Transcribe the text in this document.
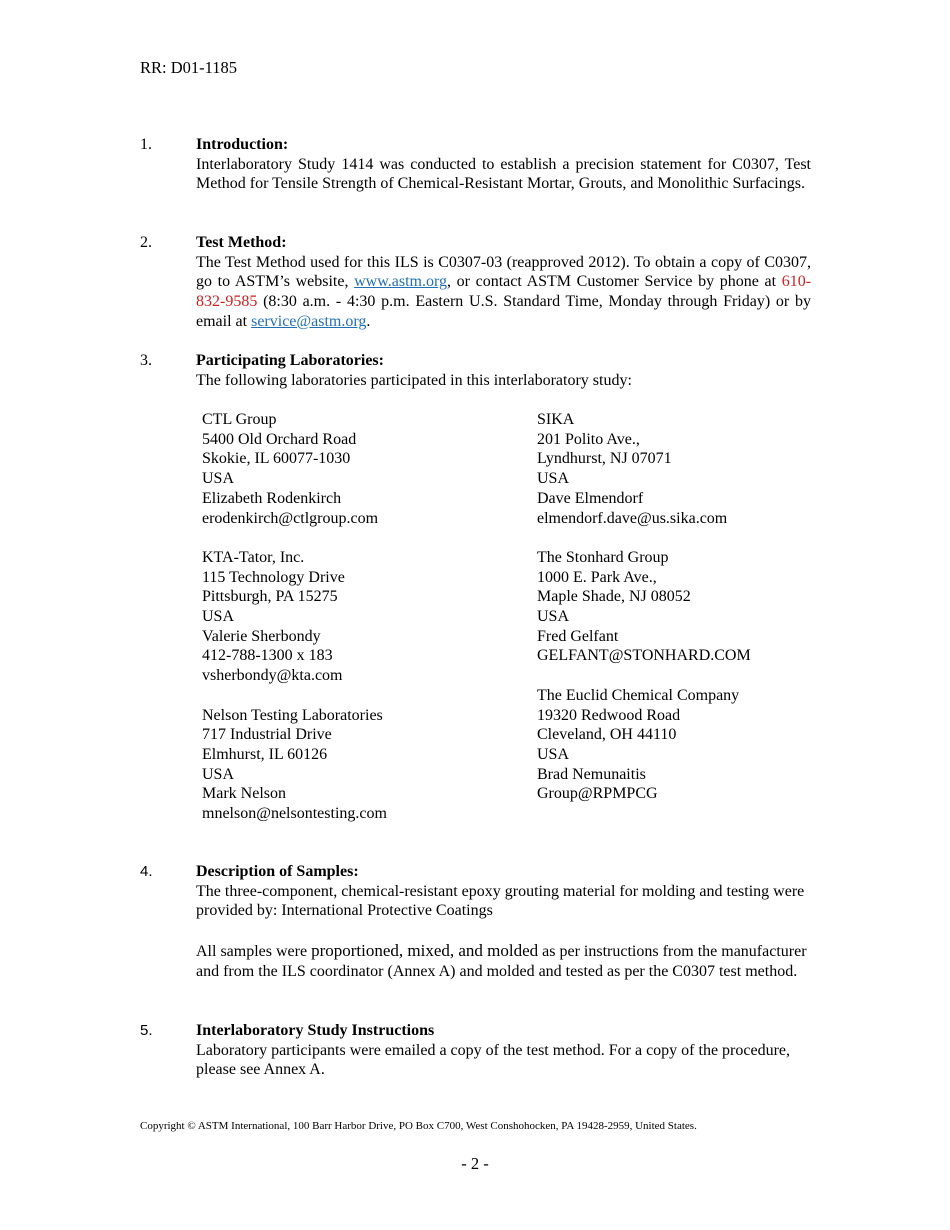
RR: D01-1185
1.	Introduction:
Interlaboratory Study 1414 was conducted to establish a precision statement for C0307, Test Method for Tensile Strength of Chemical-Resistant Mortar, Grouts, and Monolithic Surfacings.
2.	Test Method:
The Test Method used for this ILS is C0307-03 (reapproved 2012). To obtain a copy of C0307, go to ASTM’s website, www.astm.org, or contact ASTM Customer Service by phone at 610-832-9585 (8:30 a.m. - 4:30 p.m. Eastern U.S. Standard Time, Monday through Friday) or by email at service@astm.org.
3.	Participating Laboratories:
The following laboratories participated in this interlaboratory study:
CTL Group
5400 Old Orchard Road
Skokie, IL 60077-1030
USA
Elizabeth Rodenkirch
erodenkirch@ctlgroup.com
KTA-Tator, Inc.
115 Technology Drive
Pittsburgh, PA 15275
USA
Valerie Sherbondy
412-788-1300 x 183
vsherbondy@kta.com
Nelson Testing Laboratories
717 Industrial Drive
Elmhurst, IL 60126
USA
Mark Nelson
mnelson@nelsontesting.com
SIKA
201 Polito Ave.,
Lyndhurst, NJ 07071
USA
Dave Elmendorf
elmendorf.dave@us.sika.com
The Stonhard Group
1000 E. Park Ave.,
Maple Shade, NJ 08052
USA
Fred Gelfant
GELFANT@STONHARD.COM
The Euclid Chemical Company
19320 Redwood Road
Cleveland, OH 44110
USA
Brad Nemunaitis
Group@RPMPCG
4.	Description of Samples:
The three-component, chemical-resistant epoxy grouting material for molding and testing were provided by: International Protective Coatings
All samples were proportioned, mixed, and molded as per instructions from the manufacturer and from the ILS coordinator (Annex A) and molded and tested as per the C0307 test method.
5.	Interlaboratory Study Instructions
Laboratory participants were emailed a copy of the test method. For a copy of the procedure, please see Annex A.
Copyright © ASTM International, 100 Barr Harbor Drive, PO Box C700, West Conshohocken, PA 19428-2959, United States.
- 2 -
